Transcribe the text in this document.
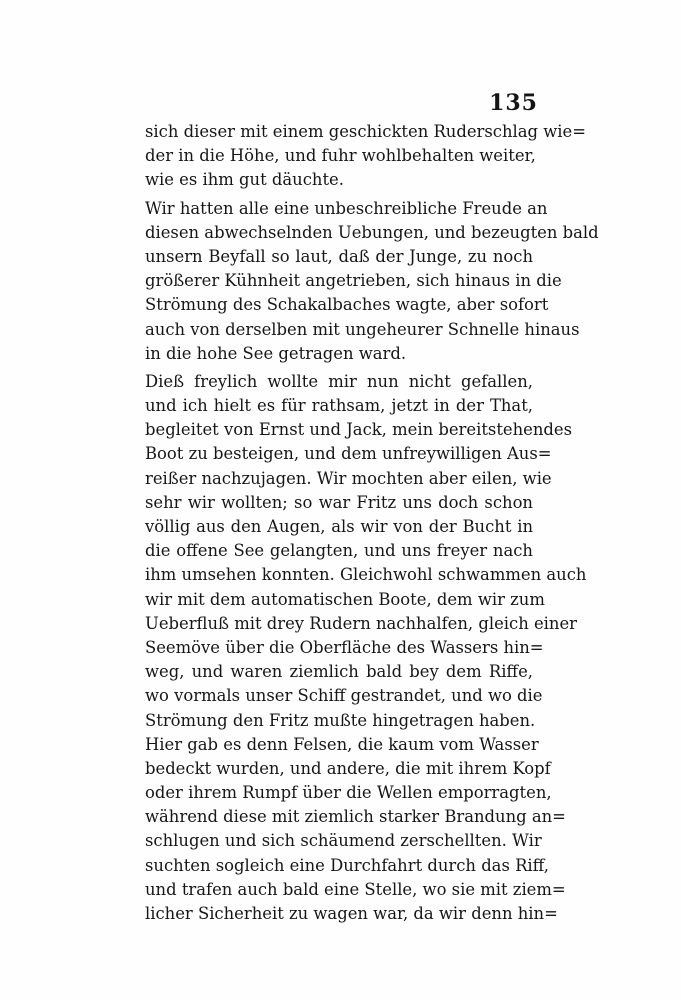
135
sich dieser mit einem geschickten Ruderschlag wie=
der in die Höhe, und fuhr wohlbehalten weiter,
wie es ihm gut däuchte.
Wir hatten alle eine unbeschreibliche Freude an
diesen abwechselnden Uebungen, und bezeugten bald
unsern Beyfall so laut, daß der Junge, zu noch
größerer Kühnheit angetrieben, sich hinaus in die
Strömung des Schakalbaches wagte, aber sofort
auch von derselben mit ungeheurer Schnelle hinaus
in die hohe See getragen ward.
Dieß freylich wollte mir nun nicht gefallen,
und ich hielt es für rathsam, jetzt in der That,
begleitet von Ernst und Jack, mein bereitstehendes
Boot zu besteigen, und dem unfreywilligen Aus=
reißer nachzujagen. Wir mochten aber eilen, wie
sehr wir wollten; so war Fritz uns doch schon
völlig aus den Augen, als wir von der Bucht in
die offene See gelangten, und uns freyer nach
ihm umsehen konnten. Gleichwohl schwammen auch
wir mit dem automatischen Boote, dem wir zum
Ueberfluß mit drey Rudern nachhalfen, gleich einer
Seemöve über die Oberfläche des Wassers hin=
weg, und waren ziemlich bald bey dem Riffe,
wo vormals unser Schiff gestrandet, und wo die
Strömung den Fritz mußte hingetragen haben.
Hier gab es denn Felsen, die kaum vom Wasser
bedeckt wurden, und andere, die mit ihrem Kopf
oder ihrem Rumpf über die Wellen emporragten,
während diese mit ziemlich starker Brandung an=
schlugen und sich schäumend zerschellten. Wir
suchten sogleich eine Durchfahrt durch das Riff,
und trafen auch bald eine Stelle, wo sie mit ziem=
licher Sicherheit zu wagen war, da wir denn hin=
